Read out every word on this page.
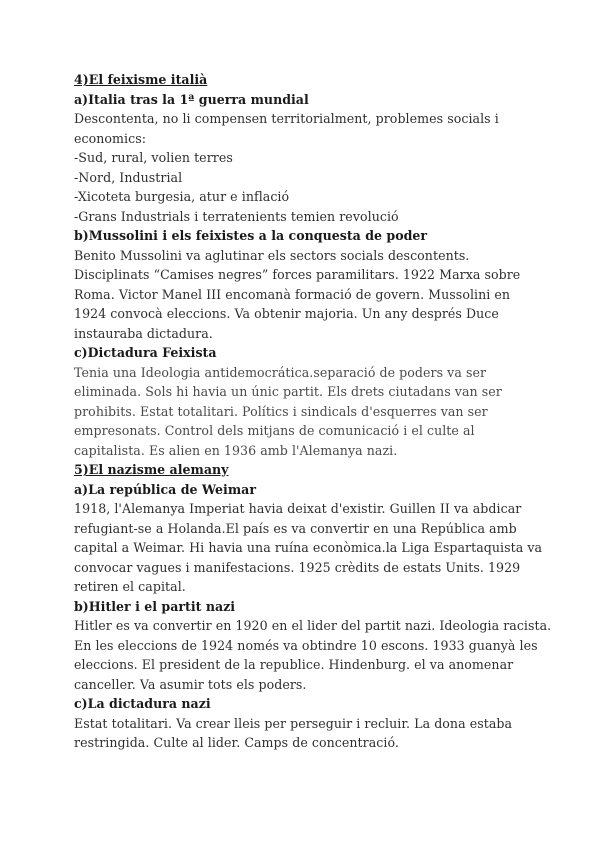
4)El feixisme italià
a)Italia tras la 1ª guerra mundial
Descontenta, no li compensen territorialment, problemes socials i
economics:
-Sud, rural, volien terres
-Nord, Industrial
-Xicoteta burgesia, atur e inflació
-Grans Industrials i terratenients temien revolució
b)Mussolini i els feixistes a la conquesta de poder
Benito Mussolini va aglutinar els sectors socials descontents.
Disciplinats “Camises negres” forces paramilitars. 1922 Marxa sobre
Roma. Victor Manel III encomanà formació de govern. Mussolini en
1924 convocà eleccions. Va obtenir majoria. Un any després Duce
instauraba dictadura.
c)Dictadura Feixista
Tenia una Ideologia antidemocrática.separació de poders va ser
eliminada. Sols hi havia un únic partit. Els drets ciutadans van ser
prohibits. Estat totalitari. Polítics i sindicals d'esquerres van ser
empresonats. Control dels mitjans de comunicació i el culte al
capitalista. Es alien en 1936 amb l'Alemanya nazi.
5)El nazisme alemany
a)La república de Weimar
1918, l'Alemanya Imperiat havia deixat d'existir. Guillen II va abdicar
refugiant-se a Holanda.El país es va convertir en una República amb
capital a Weimar. Hi havia una ruína econòmica.la Liga Espartaquista va
convocar vagues i manifestacions. 1925 crèdits de estats Units. 1929
retiren el capital.
b)Hitler i el partit nazi
Hitler es va convertir en 1920 en el lider del partit nazi. Ideologia racista.
En les eleccions de 1924 només va obtindre 10 escons. 1933 guanyà les
eleccions. El president de la republice. Hindenburg. el va anomenar
canceller. Va asumir tots els poders.
c)La dictadura nazi
Estat totalitari. Va crear lleis per perseguir i recluir. La dona estaba
restringida. Culte al lider. Camps de concentració.
